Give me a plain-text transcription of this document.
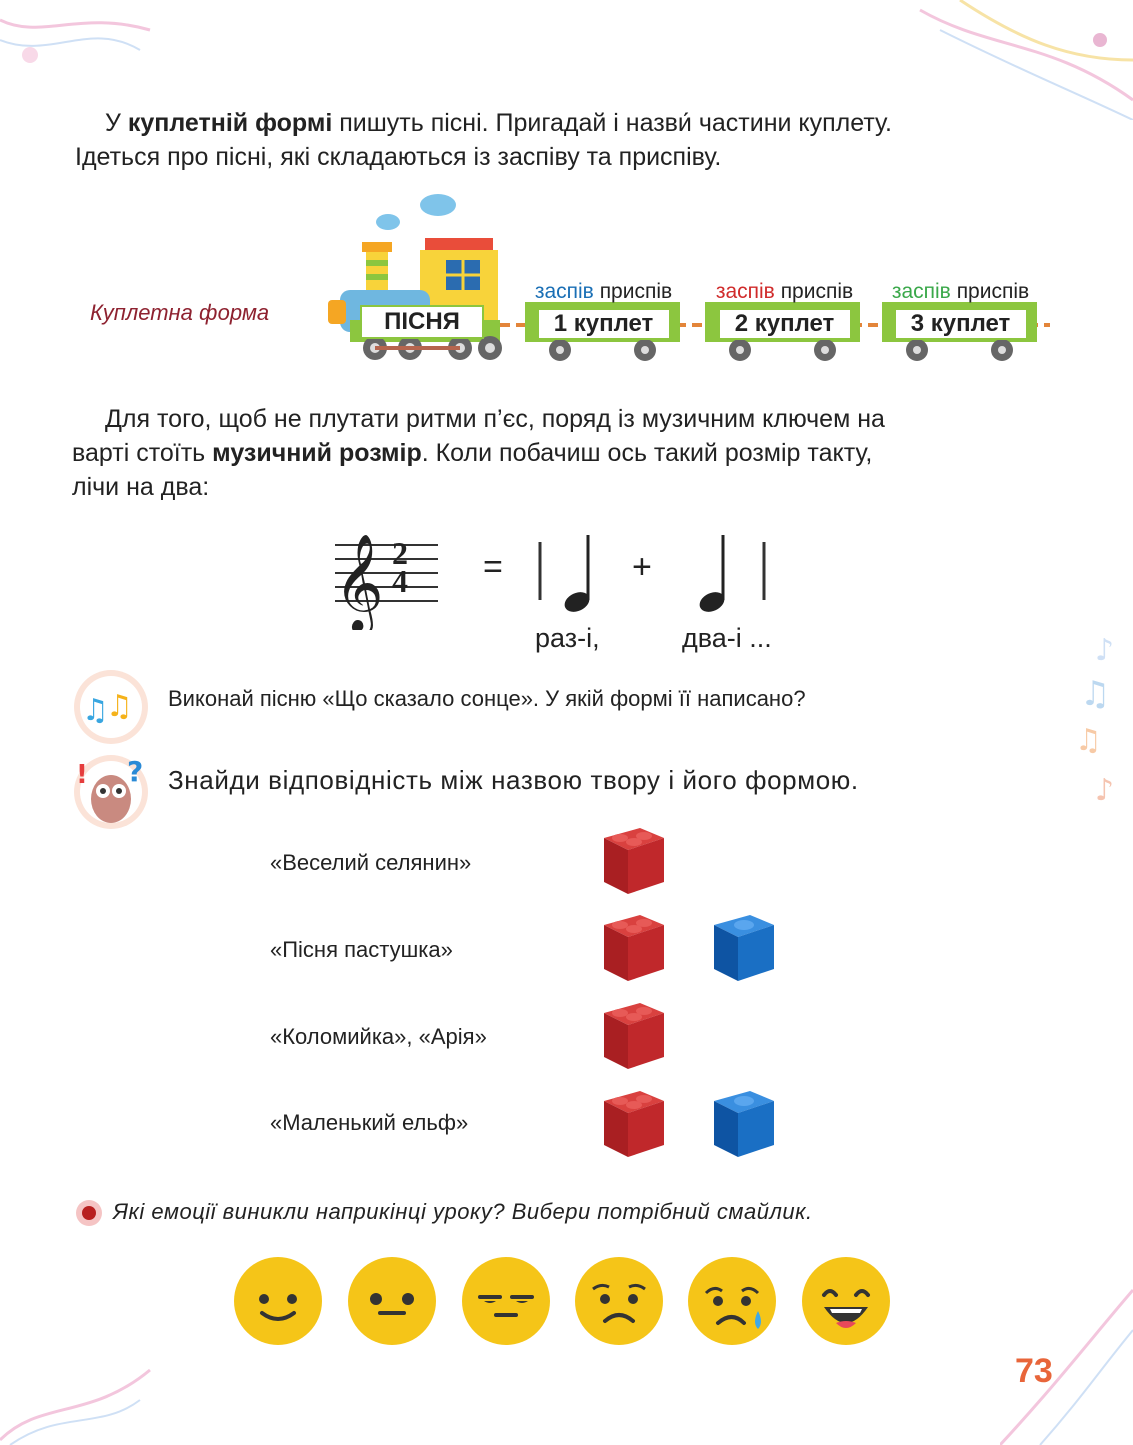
♪
♫
♫
♪
У куплетній формі пишуть пісні. Пригадай і назви́ частини куплету.
Ідеться про пісні, які складаються із заспіву та приспіву.
Куплетна форма	ПІСНЯ
заспів приспів
1 куплет
заспів приспів
2 куплет
заспів приспів
3 куплет
Для того, щоб не плутати ритми п’єс, поряд із музичним ключем на
варті стоїть музичний розмір. Коли побачиш ось такий розмір такту,
лічи на два:
𝄞 2
4 =	+
раз-і,	два-і ...
♫
♫ Виконай пісню «Що сказало сонце». У якій формі її написано?
! ? Знайди відповідність між назвою твору і його формою.
«Веселий селянин»
«Пісня пастушка»
«Коломийка», «Арія»
«Маленький ельф»
Які емоції виникли наприкінці уроку? Вибери потрібний смайлик.
73
